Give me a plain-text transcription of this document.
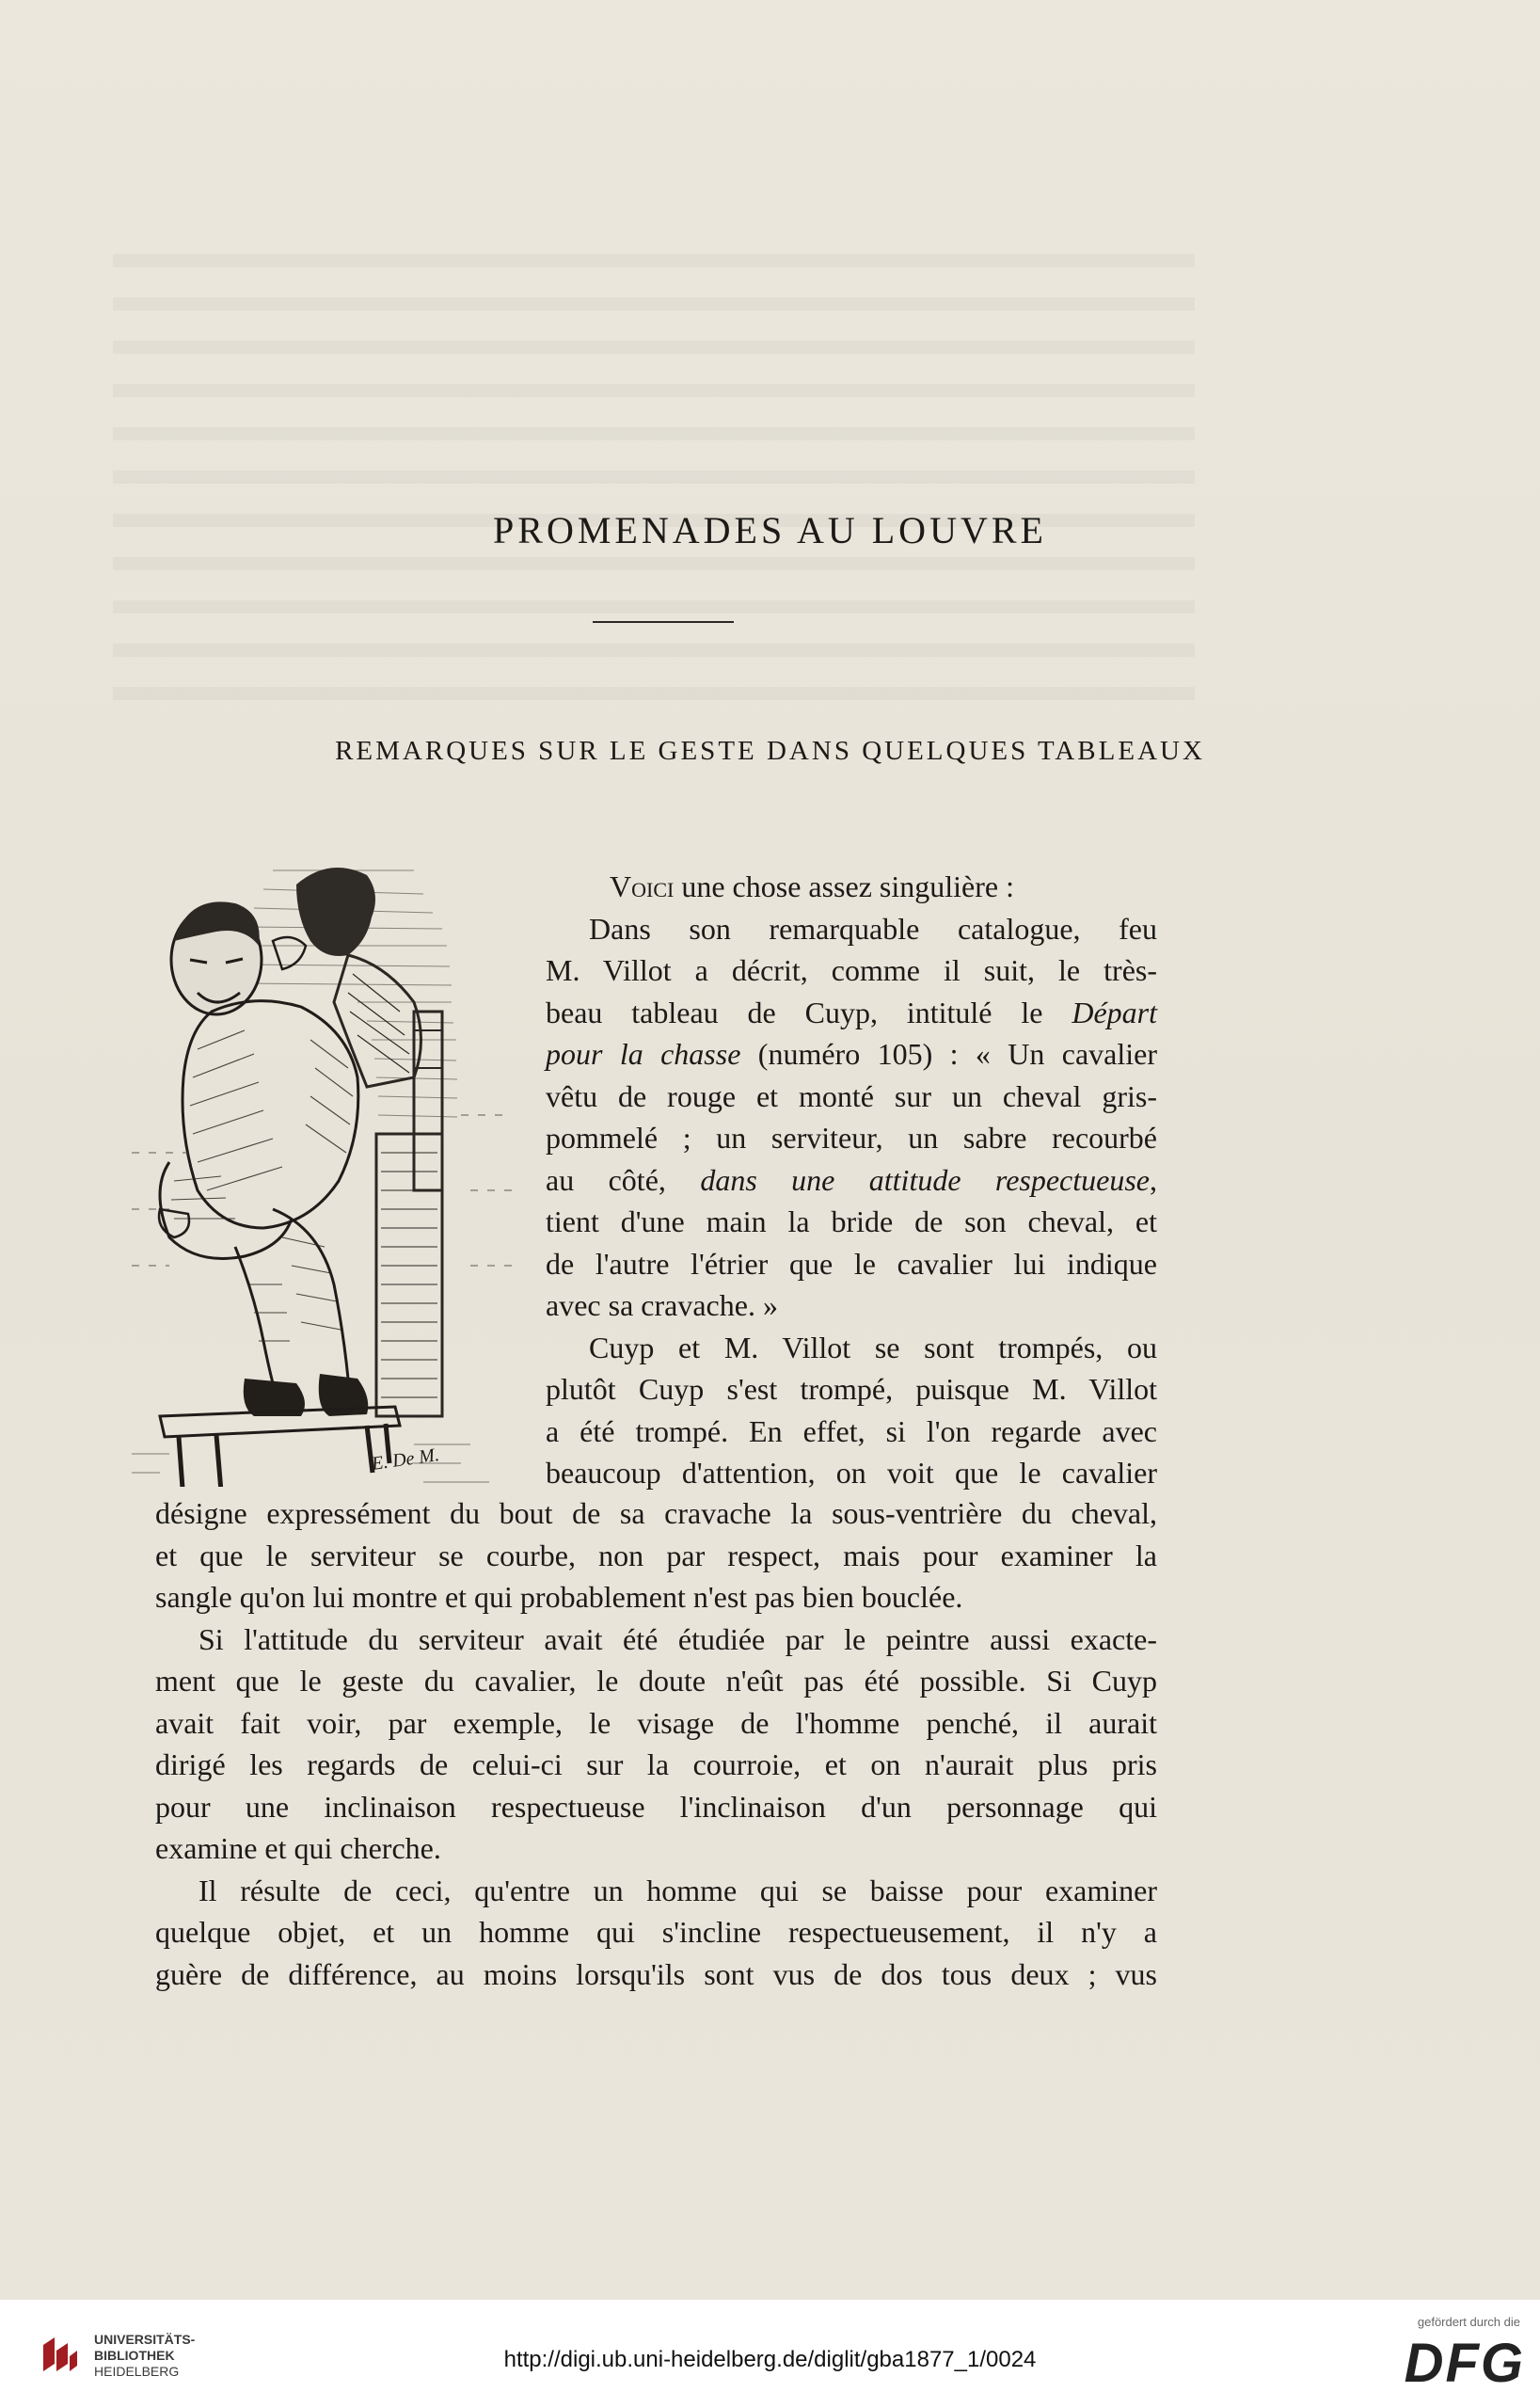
PROMENADES AU LOUVRE
REMARQUES SUR LE GESTE DANS QUELQUES TABLEAUX
E. De M.

Voici une chose assez singulière :

Dans son remarquable catalogue, feu

M. Villot a décrit, comme il suit, le très-

beau tableau de Cuyp, intitulé le Départ

pour la chasse (numéro 105) : « Un cavalier

vêtu de rouge et monté sur un cheval gris-

pommelé ; un serviteur, un sabre recourbé

au côté, dans une attitude respectueuse,

tient d'une main la bride de son cheval, et

de l'autre l'étrier que le cavalier lui indique

avec sa cravache. »

Cuyp et M. Villot se sont trompés, ou

plutôt Cuyp s'est trompé, puisque M. Villot

a été trompé. En effet, si l'on regarde avec

beaucoup d'attention, on voit que le cavalier

désigne expressément du bout de sa cravache la sous-ventrière du cheval,

et que le serviteur se courbe, non par respect, mais pour examiner la

sangle qu'on lui montre et qui probablement n'est pas bien bouclée.

Si l'attitude du serviteur avait été étudiée par le peintre aussi exacte-

ment que le geste du cavalier, le doute n'eût pas été possible. Si Cuyp

avait fait voir, par exemple, le visage de l'homme penché, il aurait

dirigé les regards de celui-ci sur la courroie, et on n'aurait plus pris

pour une inclinaison respectueuse l'inclinaison d'un personnage qui

examine et qui cherche.

Il résulte de ceci, qu'entre un homme qui se baisse pour examiner

quelque objet, et un homme qui s'incline respectueusement, il n'y a

guère de différence, au moins lorsqu'ils sont vus de dos tous deux ; vus

UNIVERSITÄTS-
BIBLIOTHEK
HEIDELBERG	http://digi.ub.uni-heidelberg.de/diglit/gba1877_1/0024
gefördert durch die
DFG
